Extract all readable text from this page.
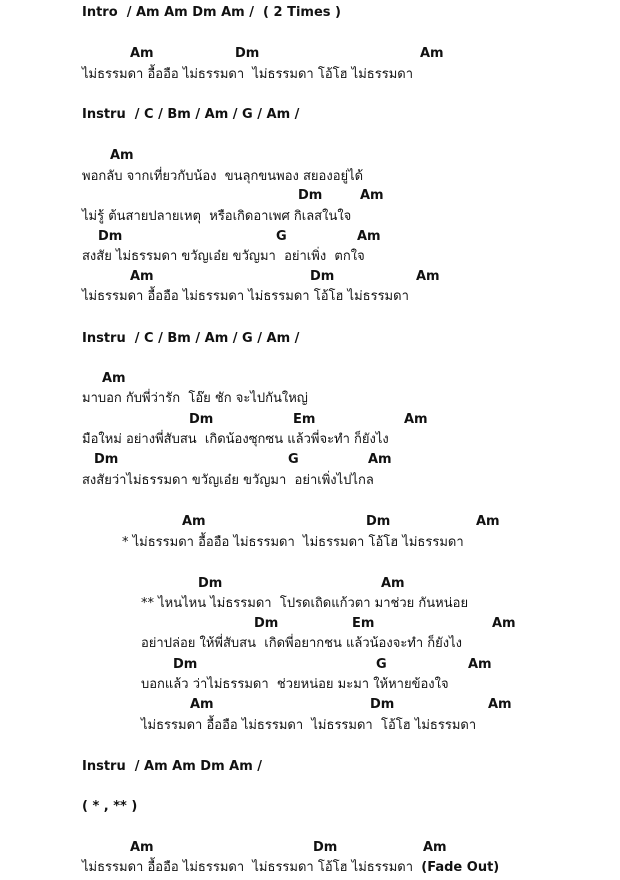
Intro  / Am Am Dm Am /  ( 2 Times )
Am	Dm	Am
ไม่ธรรมดา อื้ออือ ไม่ธรรมดา  ไม่ธรรมดา โอ้โฮ ไม่ธรรมดา
Instru  / C / Bm / Am / G / Am /
Am
พอกลับ จากเที่ยวกับน้อง  ขนลุกขนพอง สยองอยู่ได้
Dm	Am
ไม่รู้ ต้นสายปลายเหตุ  หรือเกิดอาเพศ กิเลสในใจ
Dm	G	Am
สงสัย ไม่ธรรมดา ขวัญเอ๋ย ขวัญมา  อย่าเพิ่ง  ตกใจ
Am	Dm	Am
ไม่ธรรมดา อื้ออือ ไม่ธรรมดา ไม่ธรรมดา โอ้โฮ ไม่ธรรมดา
Instru  / C / Bm / Am / G / Am /
Am
มาบอก กับพี่ว่ารัก  โอ๊ย ชัก จะไปกันใหญ่
Dm	Em	Am
มือใหม่ อย่างพี่สับสน  เกิดน้องซุกซน แล้วพี่จะทำ ก็ยังไง
Dm	G	Am
สงสัยว่าไม่ธรรมดา ขวัญเอ๋ย ขวัญมา  อย่าเพิ่งไปไกล
Am	Dm	Am
* ไม่ธรรมดา อื้ออือ ไม่ธรรมดา  ไม่ธรรมดา โอ้โฮ ไม่ธรรมดา
Dm	Am
** ไหนไหน ไม่ธรรมดา  โปรดเถิดแก้วตา มาช่วย กันหน่อย
Dm	Em	Am
อย่าปล่อย ให้พี่สับสน  เกิดพี่อยากชน แล้วน้องจะทำ ก็ยังไง
Dm	G	Am
บอกแล้ว ว่าไม่ธรรมดา  ช่วยหน่อย มะมา ให้หายข้องใจ
Am	Dm	Am
ไม่ธรรมดา อื้ออือ ไม่ธรรมดา  ไม่ธรรมดา  โอ้โฮ ไม่ธรรมดา
Instru  / Am Am Dm Am /
( * , ** )
Am	Dm	Am
ไม่ธรรมดา อื้ออือ ไม่ธรรมดา  ไม่ธรรมดา โอ้โฮ ไม่ธรรมดา  (Fade Out)
